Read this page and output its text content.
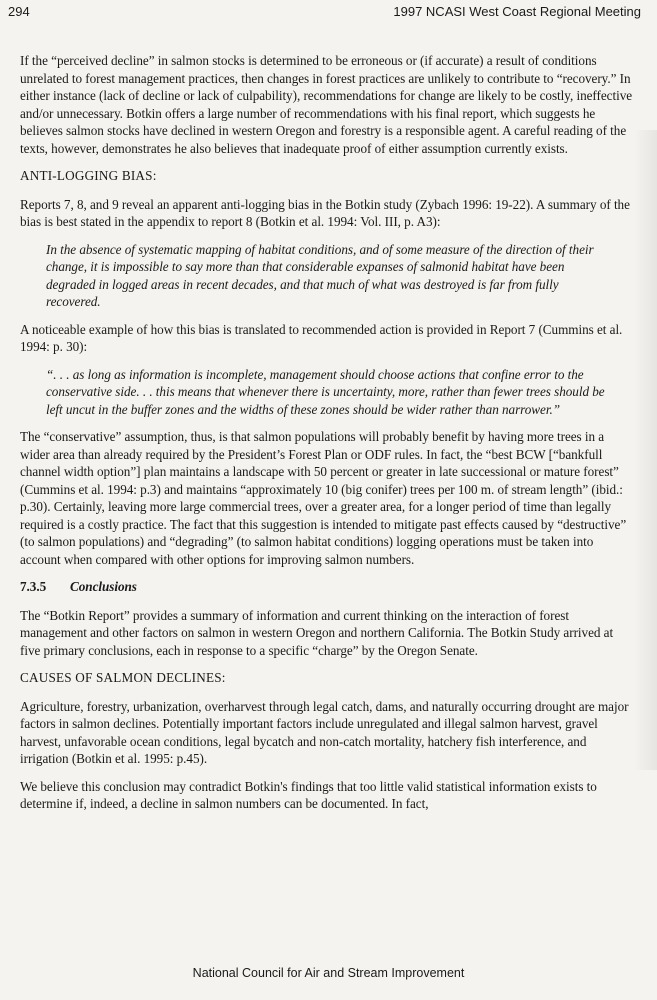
294	1997 NCASI West Coast Regional Meeting

If the “perceived decline” in salmon stocks is determined to be erroneous or (if accurate) a result of conditions unrelated to forest management practices, then changes in forest practices are unlikely to contribute to “recovery.” In either instance (lack of decline or lack of culpability), recommendations for change are likely to be costly, ineffective and/or unnecessary. Botkin offers a large number of recommendations with his final report, which suggests he believes salmon stocks have declined in western Oregon and forestry is a responsible agent. A careful reading of the texts, however, demonstrates he also believes that inadequate proof of either assumption currently exists.

ANTI-LOGGING BIAS:

Reports 7, 8, and 9 reveal an apparent anti-logging bias in the Botkin study (Zybach 1996: 19-22). A summary of the bias is best stated in the appendix to report 8 (Botkin et al. 1994: Vol. III, p. A3):

In the absence of systematic mapping of habitat conditions, and of some measure of the direction of their change, it is impossible to say more than that considerable expanses of salmonid habitat have been degraded in logged areas in recent decades, and that much of what was destroyed is far from fully recovered.

A noticeable example of how this bias is translated to recommended action is provided in Report 7 (Cummins et al. 1994: p. 30):

“. . . as long as information is incomplete, management should choose actions that confine error to the conservative side. . . this means that whenever there is uncertainty, more, rather than fewer trees should be left uncut in the buffer zones and the widths of these zones should be wider rather than narrower.”

The “conservative” assumption, thus, is that salmon populations will probably benefit by having more trees in a wider area than already required by the President’s Forest Plan or ODF rules. In fact, the “best BCW [“bankfull channel width option”] plan maintains a landscape with 50 percent or greater in late successional or mature forest” (Cummins et al. 1994: p.3) and maintains “approximately 10 (big conifer) trees per 100 m. of stream length” (ibid.: p.30). Certainly, leaving more large commercial trees, over a greater area, for a longer period of time than legally required is a costly practice. The fact that this suggestion is intended to mitigate past effects caused by “destructive” (to salmon populations) and “degrading” (to salmon habitat conditions) logging operations must be taken into account when compared with other options for improving salmon numbers.

7.3.5 Conclusions

The “Botkin Report” provides a summary of information and current thinking on the interaction of forest management and other factors on salmon in western Oregon and northern California. The Botkin Study arrived at five primary conclusions, each in response to a specific “charge” by the Oregon Senate.

CAUSES OF SALMON DECLINES:

Agriculture, forestry, urbanization, overharvest through legal catch, dams, and naturally occurring drought are major factors in salmon declines. Potentially important factors include unregulated and illegal salmon harvest, gravel harvest, unfavorable ocean conditions, legal bycatch and non-catch mortality, hatchery fish interference, and irrigation (Botkin et al. 1995: p.45).

We believe this conclusion may contradict Botkin's findings that too little valid statistical information exists to determine if, indeed, a decline in salmon numbers can be documented. In fact,

National Council for Air and Stream Improvement
